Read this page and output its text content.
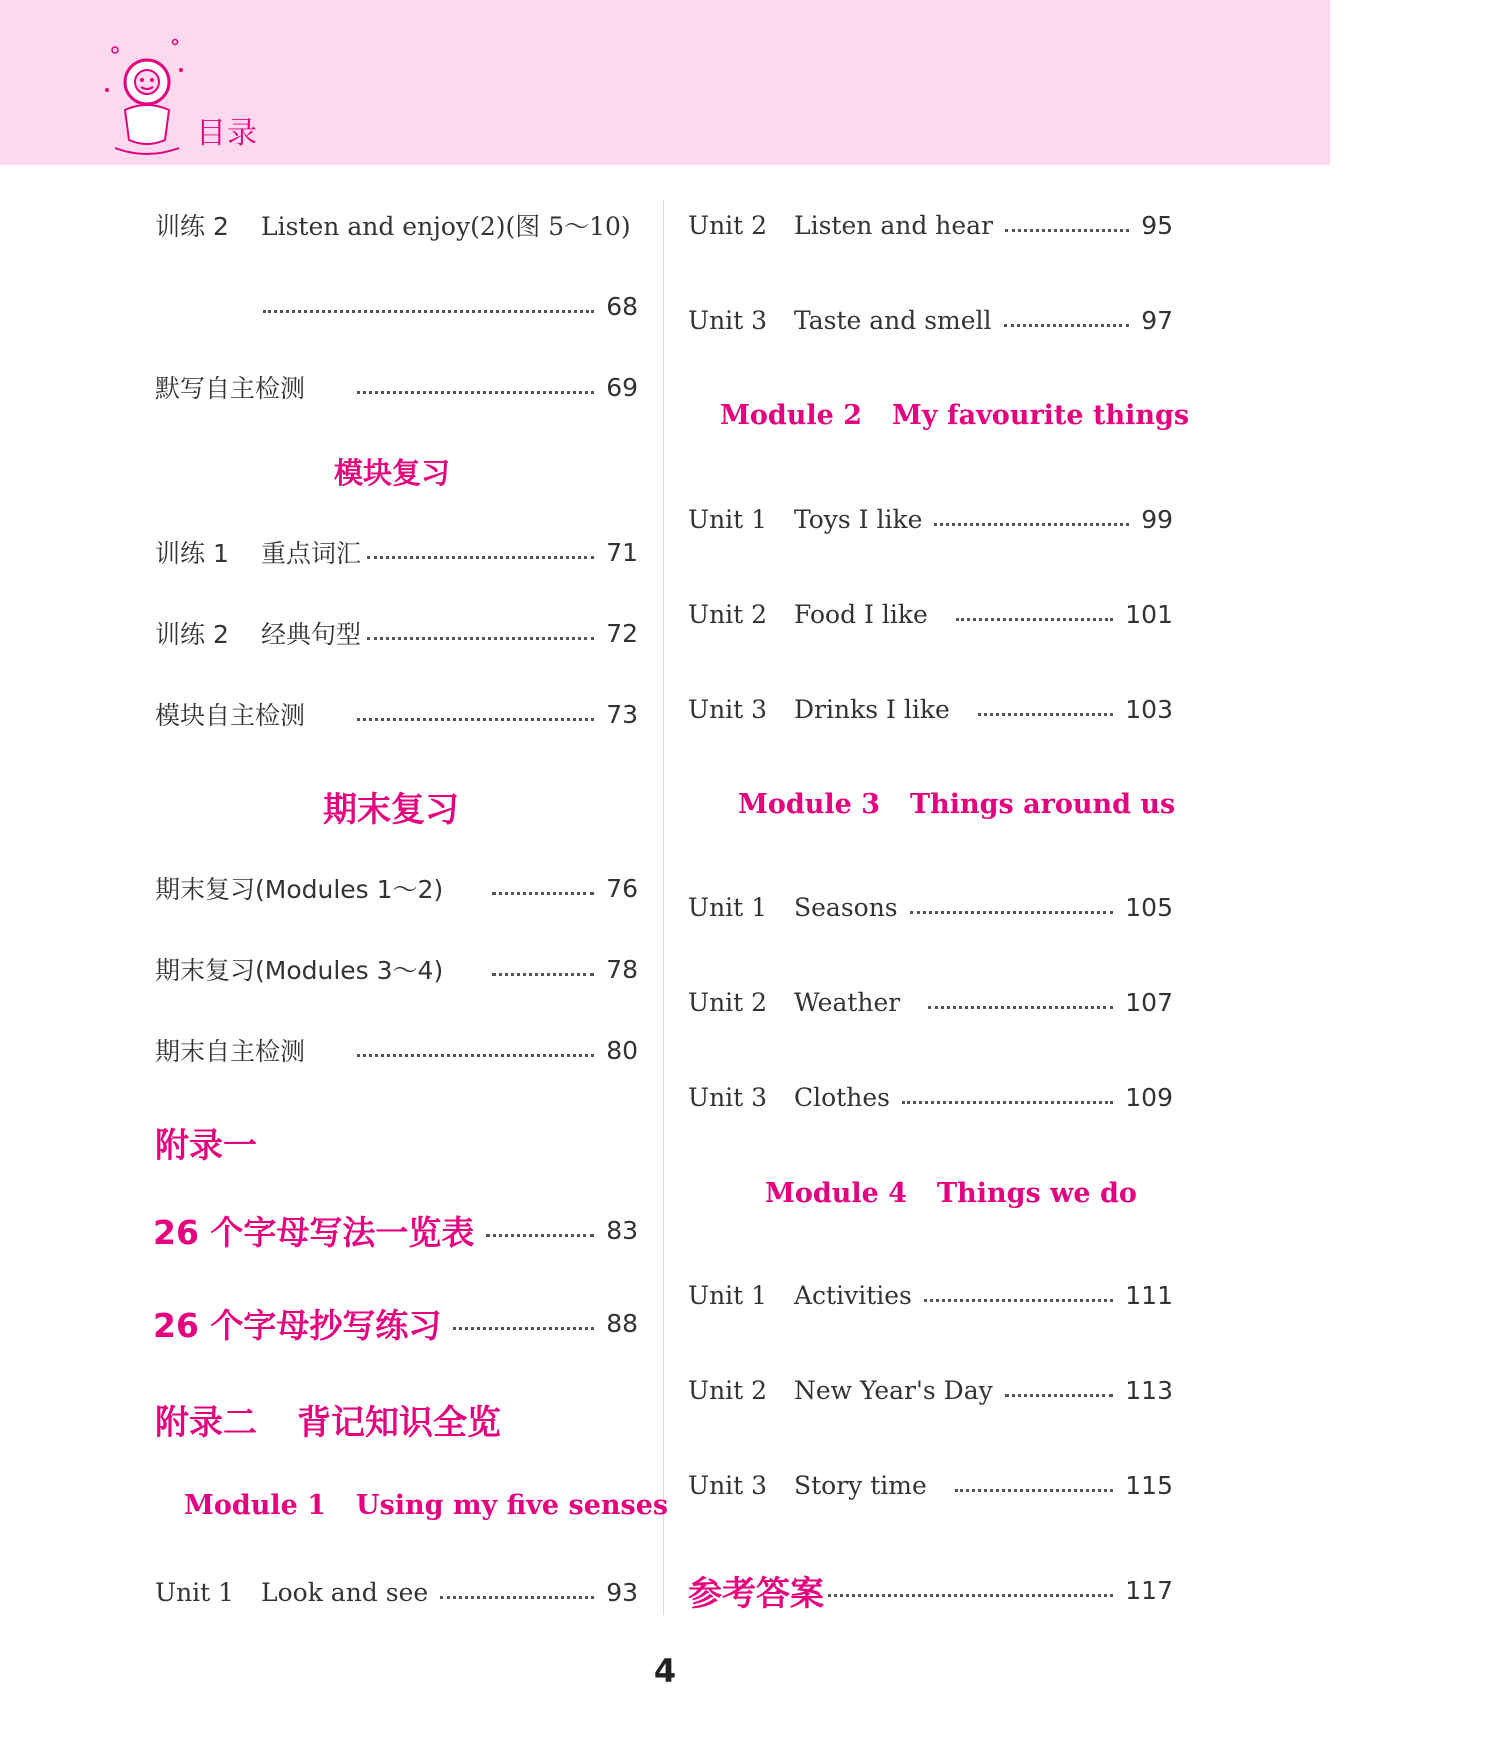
目录
训练 2	Listen and enjoy(2)(图 5～10)
68
默写自主检测	69
模块复习
训练 1	重点词汇	71
训练 2	经典句型	72
模块自主检测	73
期末复习
期末复习(Modules 1～2)	76
期末复习(Modules 3～4)	78
期末自主检测	80
附录一
26 个字母写法一览表	83
26 个字母抄写练习	88
附录二 背记知识全览
Module 1 Using my five senses
Unit 1	Look and see	93
Unit 2	Listen and hear	95
Unit 3	Taste and smell	97
Module 2 My favourite things
Unit 1	Toys I like	99
Unit 2	Food I like	101
Unit 3	Drinks I like	103
Module 3 Things around us
Unit 1	Seasons	105
Unit 2	Weather	107
Unit 3	Clothes	109
Module 4 Things we do
Unit 1	Activities	111
Unit 2	New Year's Day	113
Unit 3	Story time	115
参考答案	117
4
